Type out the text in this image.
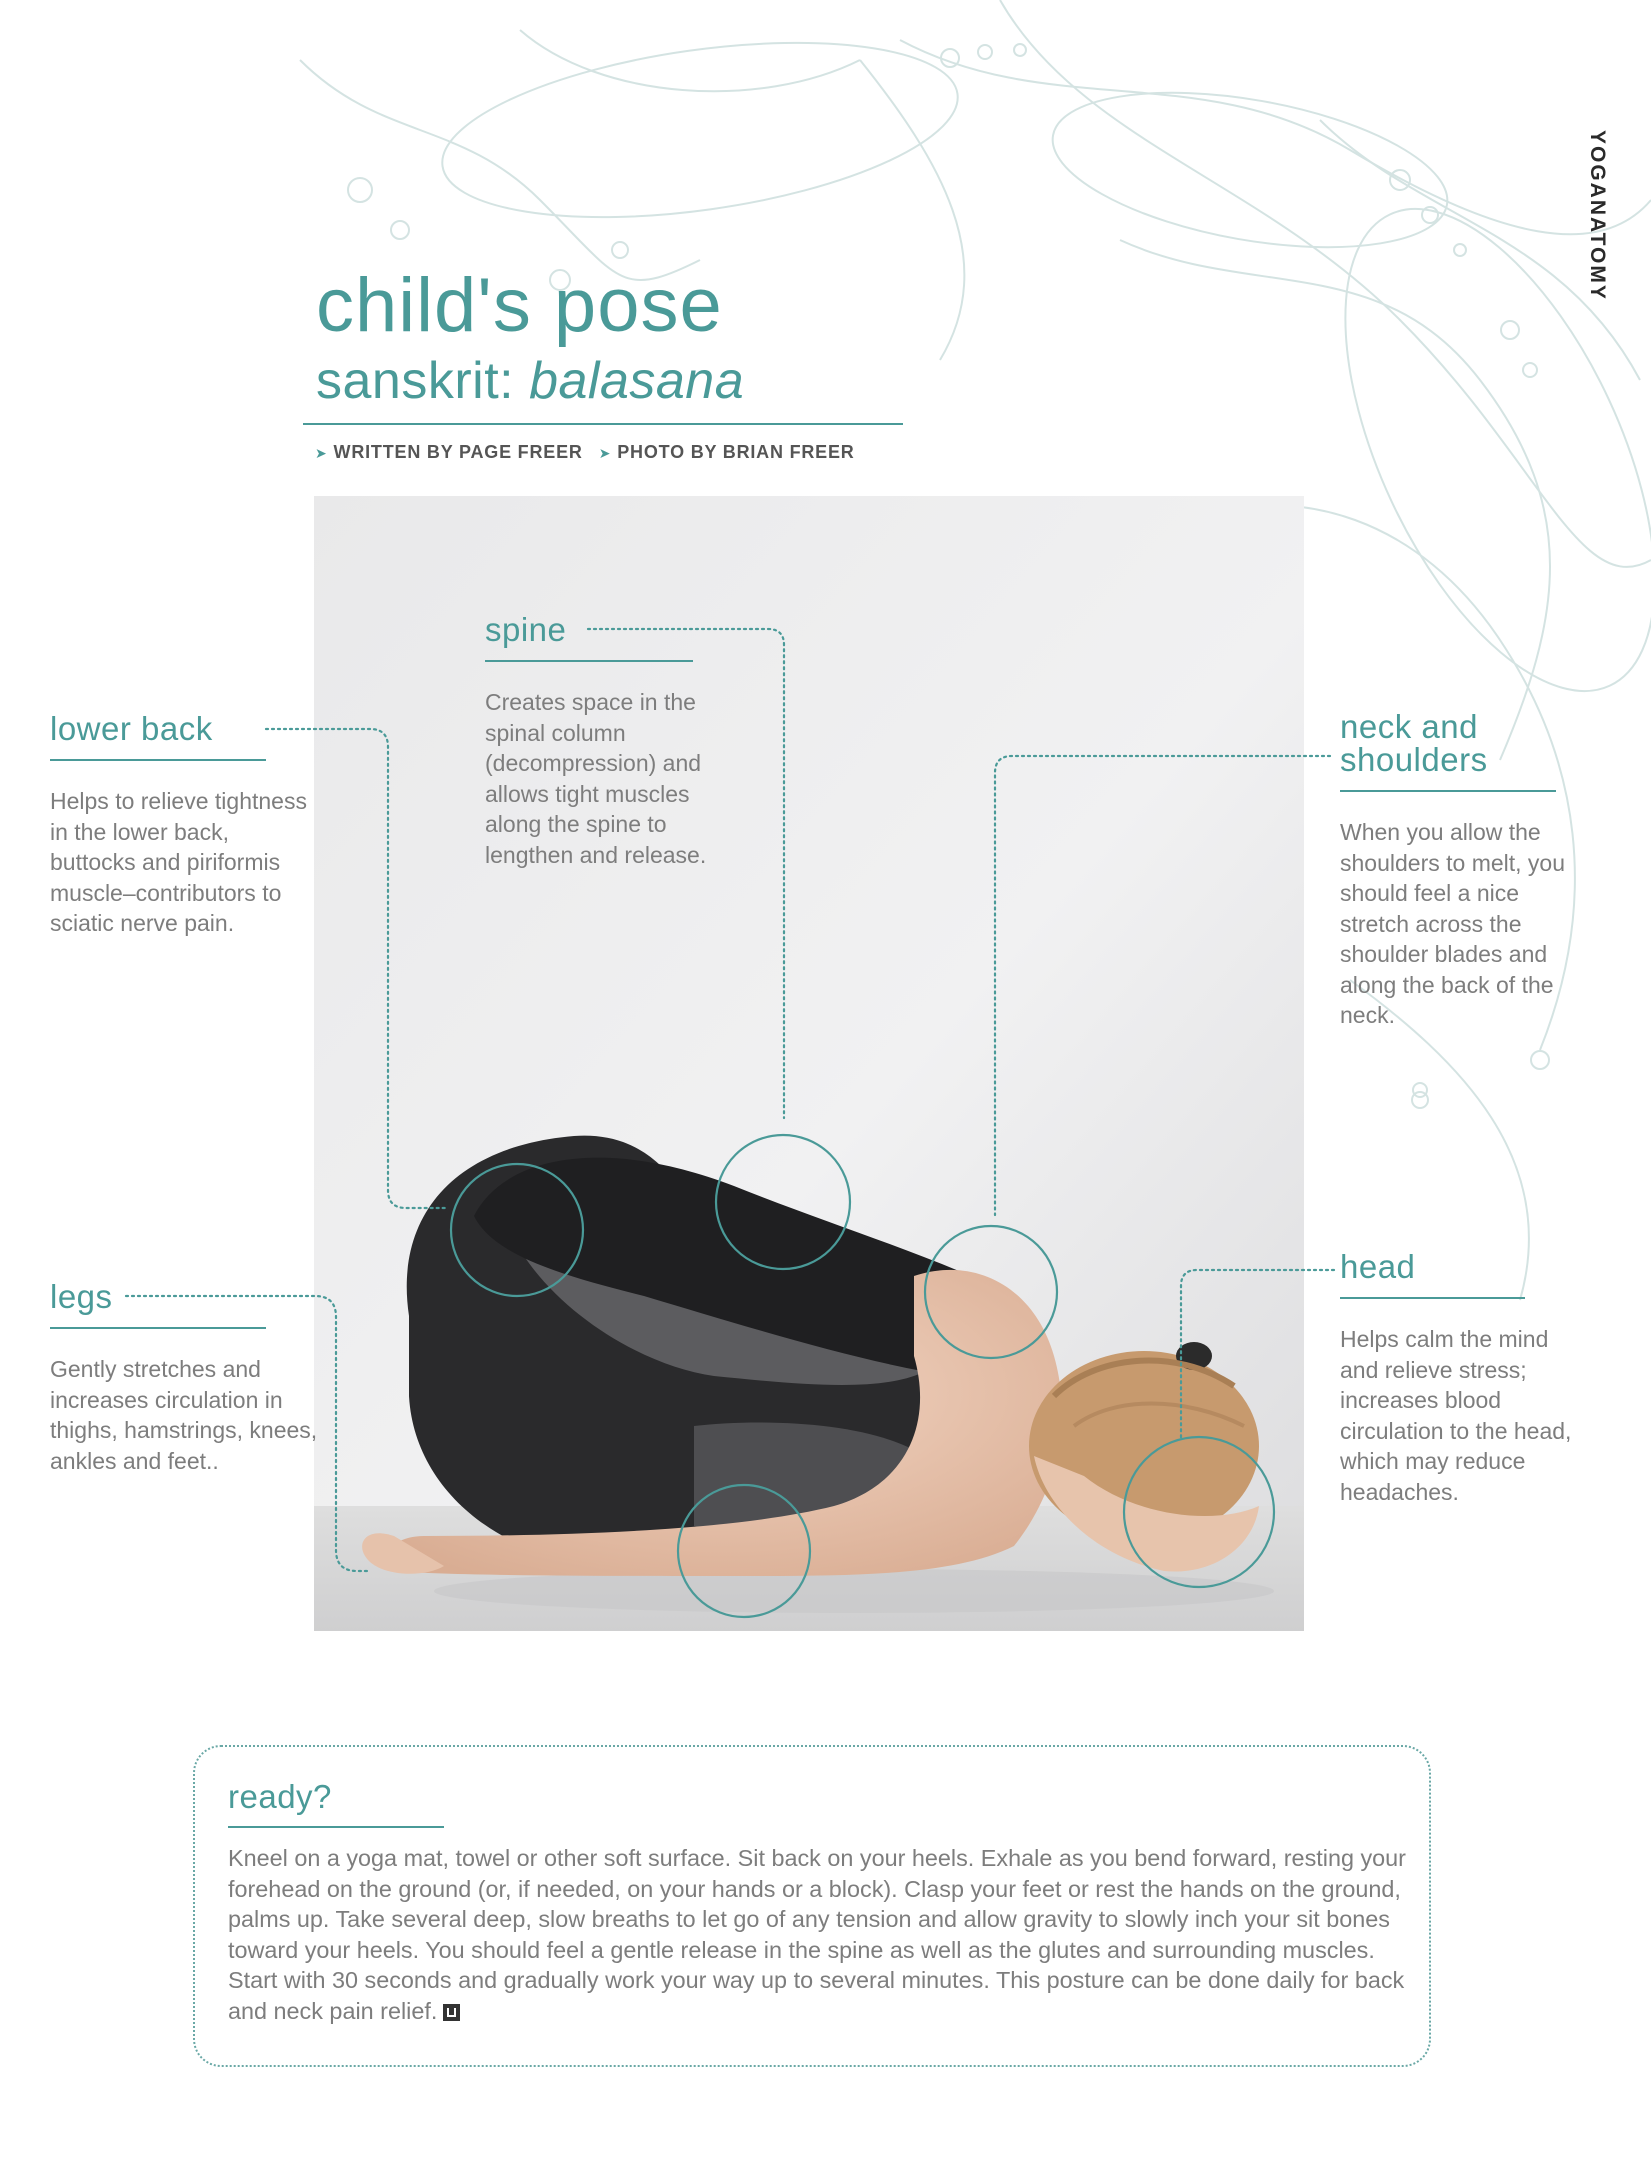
YOGANATOMY
child's pose
sanskrit: balasana
➤ WRITTEN BY PAGE FREER ➤ PHOTO BY BRIAN FREER
lower back
Helps to relieve tightness in the lower back, buttocks and piriformis muscle–contributors to sciatic nerve pain.
spine
Creates space in the spinal column (decompression) and allows tight muscles along the spine to lengthen and release.
neck and shoulders
When you allow the shoulders to melt, you should feel a nice stretch across the shoulder blades and along the back of the neck.
legs
Gently stretches and increases circulation in thighs, hamstrings, knees, ankles and feet..
head
Helps calm the mind and relieve stress; increases blood circulation to the head, which may reduce headaches.
ready?
Kneel on a yoga mat, towel or other soft surface. Sit back on your heels. Exhale as you bend forward, resting your forehead on the ground (or, if needed, on your hands or a block). Clasp your feet or rest the hands on the ground, palms up. Take several deep, slow breaths to let go of any tension and allow gravity to slowly inch your sit bones toward your heels. You should feel a gentle release in the spine as well as the glutes and surrounding muscles. Start with 30 seconds and gradually work your way up to several minutes. This posture can be done daily for back and neck pain relief.
